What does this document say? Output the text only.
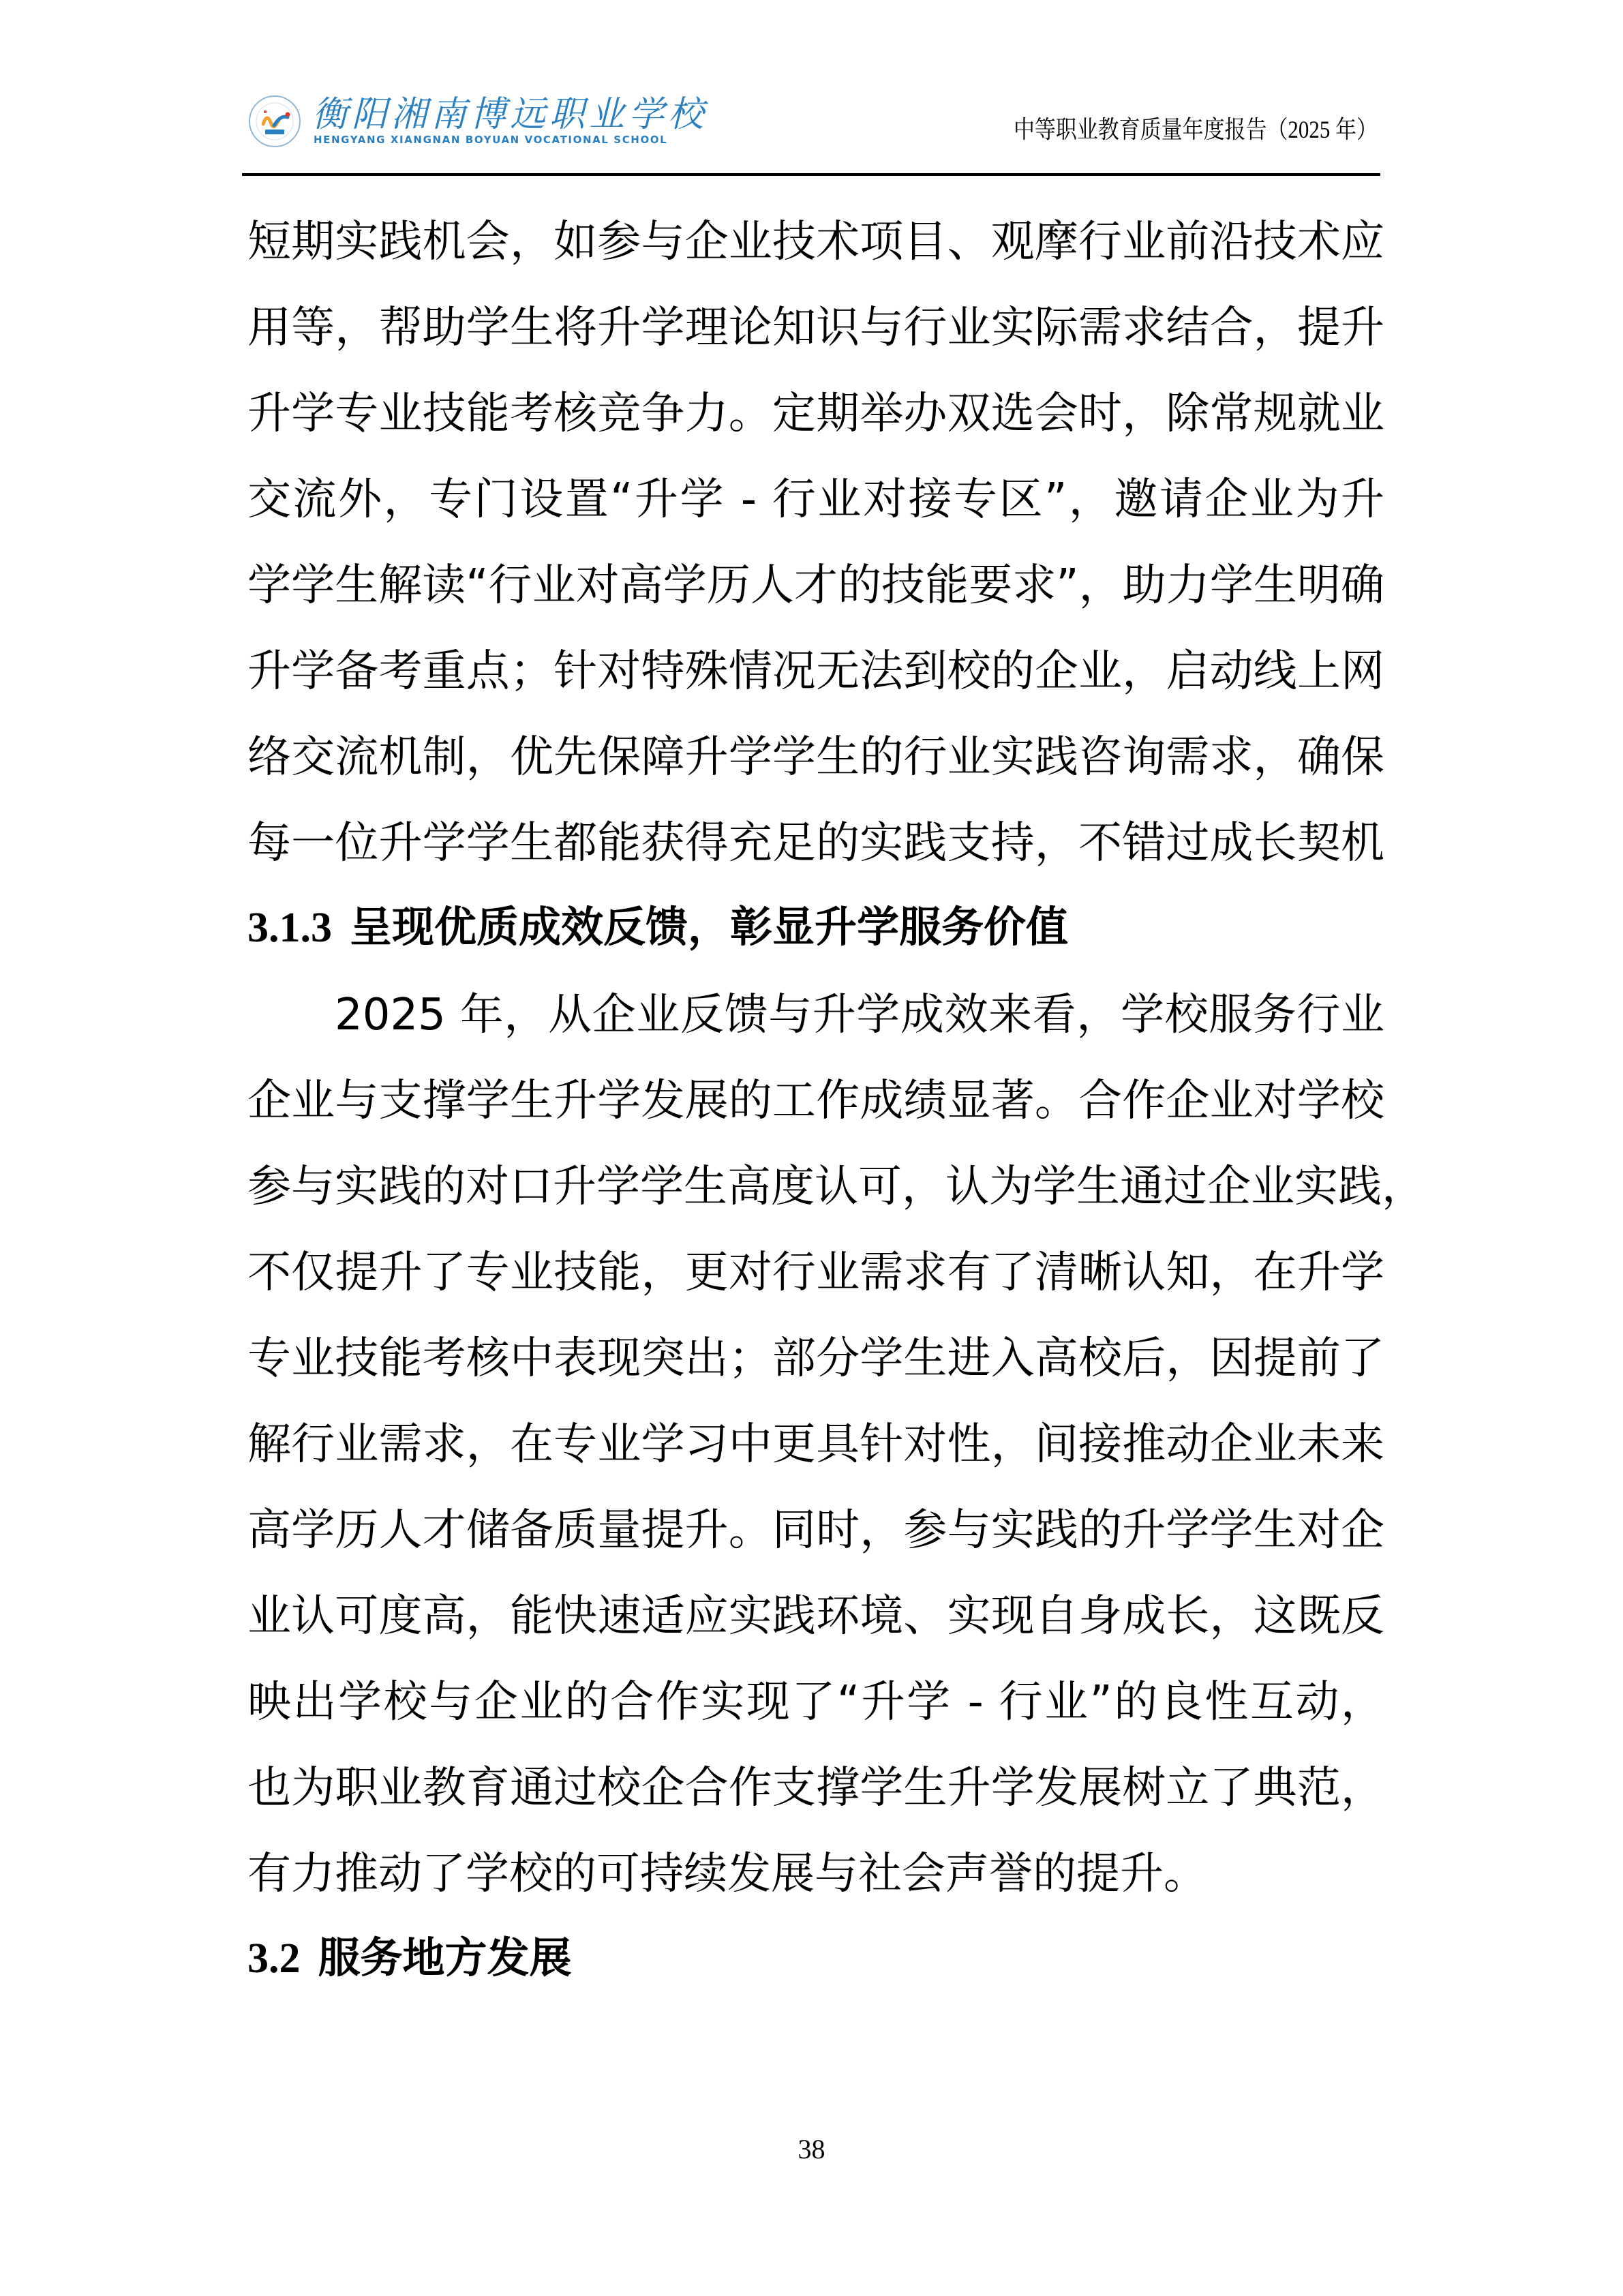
衡阳湘南博远职业学校
HENGYANG XIANGNAN BOYUAN VOCATIONAL SCHOOL	中等职业教育质量年度报告（2025 年）
短期实践机会，如参与企业技术项目、观摩行业前沿技术应
用等，帮助学生将升学理论知识与行业实际需求结合，提升
升学专业技能考核竞争力。定期举办双选会时，除常规就业
交流外，专门设置“升学 - 行业对接专区”，邀请企业为升
学学生解读“行业对高学历人才的技能要求”，助力学生明确
升学备考重点；针对特殊情况无法到校的企业，启动线上网
络交流机制，优先保障升学学生的行业实践咨询需求，确保
每一位升学学生都能获得充足的实践支持，不错过成长契机
3.1.3 呈现优质成效反馈，彰显升学服务价值
2025 年，从企业反馈与升学成效来看，学校服务行业
企业与支撑学生升学发展的工作成绩显著。合作企业对学校
参与实践的对口升学学生高度认可，认为学生通过企业实践，
不仅提升了专业技能，更对行业需求有了清晰认知，在升学
专业技能考核中表现突出；部分学生进入高校后，因提前了
解行业需求，在专业学习中更具针对性，间接推动企业未来
高学历人才储备质量提升。同时，参与实践的升学学生对企
业认可度高，能快速适应实践环境、实现自身成长，这既反
映出学校与企业的合作实现了“升学 - 行业”的良性互动，
也为职业教育通过校企合作支撑学生升学发展树立了典范，
有力推动了学校的可持续发展与社会声誉的提升。
3.2 服务地方发展
38
